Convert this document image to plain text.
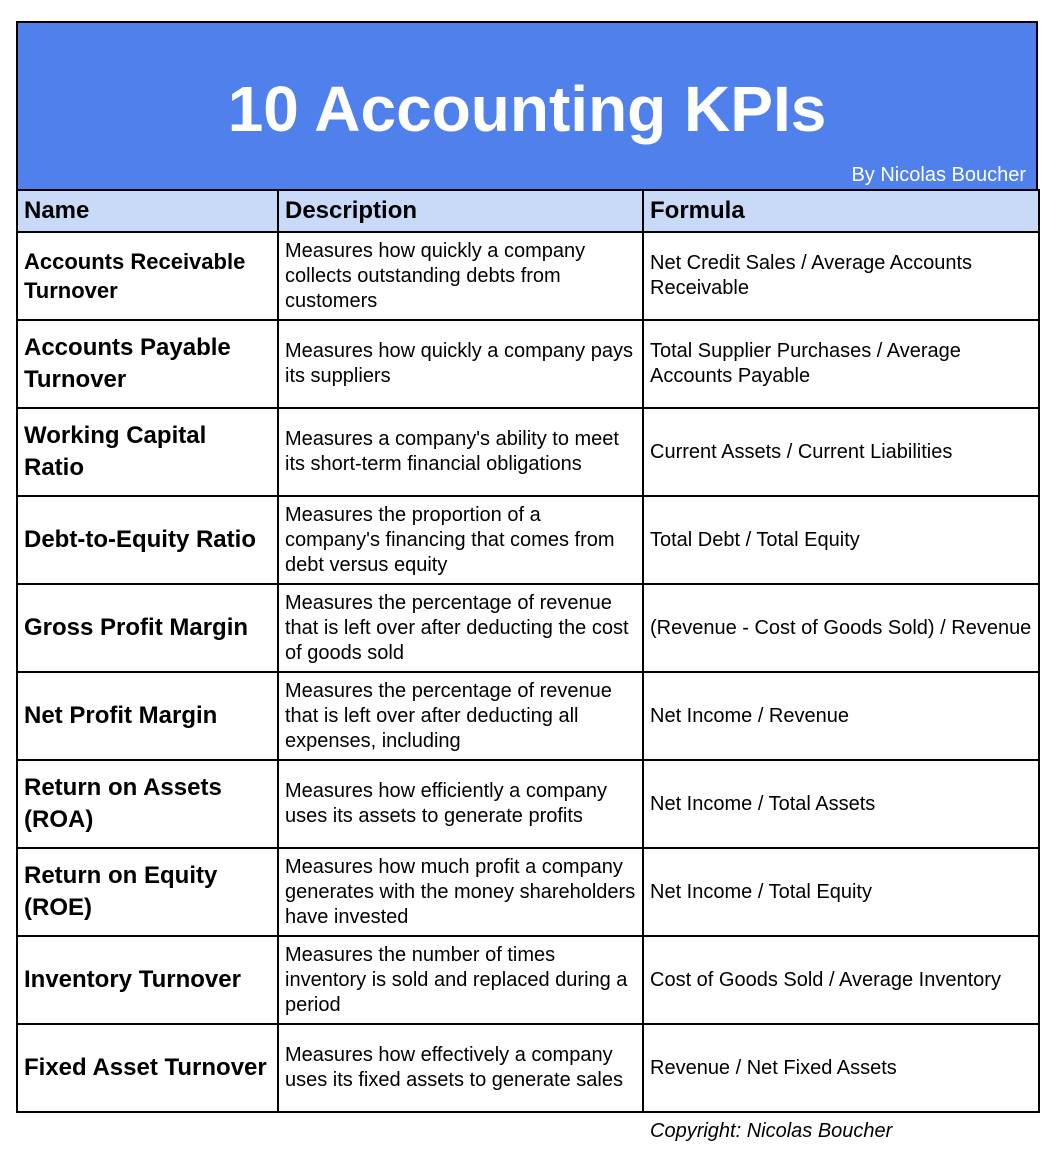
10 Accounting KPIs
By Nicolas Boucher
Name	Description	Formula
Accounts Receivable Turnover	Measures how quickly a company collects outstanding debts from customers	Net Credit Sales / Average Accounts Receivable
Accounts Payable Turnover	Measures how quickly a company pays its suppliers	Total Supplier Purchases / Average Accounts Payable
Working Capital Ratio	Measures a company's ability to meet its short-term financial obligations	Current Assets / Current Liabilities
Debt-to-Equity Ratio	Measures the proportion of a company's financing that comes from debt versus equity	Total Debt / Total Equity
Gross Profit Margin	Measures the percentage of revenue that is left over after deducting the cost of goods sold	(Revenue - Cost of Goods Sold) / Revenue
Net Profit Margin	Measures the percentage of revenue that is left over after deducting all expenses, including	Net Income / Revenue
Return on Assets (ROA)	Measures how efficiently a company uses its assets to generate profits	Net Income / Total Assets
Return on Equity (ROE)	Measures how much profit a company generates with the money shareholders have invested	Net Income / Total Equity
Inventory Turnover	Measures the number of times inventory is sold and replaced during a period	Cost of Goods Sold / Average Inventory
Fixed Asset Turnover	Measures how effectively a company uses its fixed assets to generate sales	Revenue / Net Fixed Assets
Copyright: Nicolas Boucher
